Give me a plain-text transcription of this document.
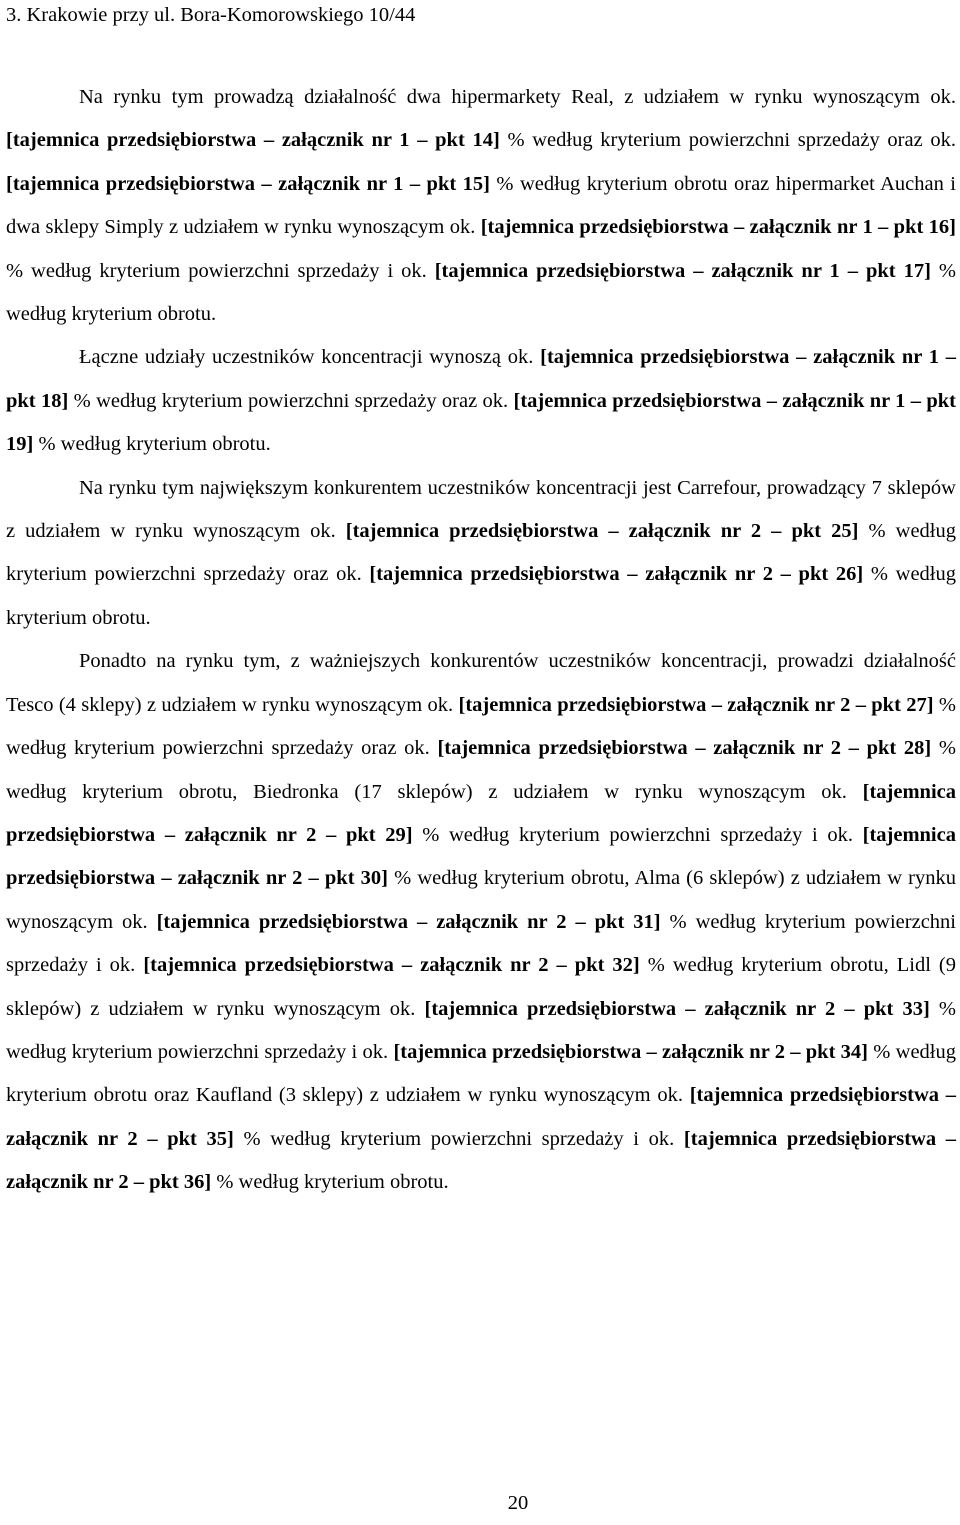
3. Krakowie przy ul. Bora-Komorowskiego 10/44

Na rynku tym prowadzą działalność dwa hipermarkety Real, z udziałem w rynku wynoszącym ok. [tajemnica przedsiębiorstwa – załącznik nr 1 – pkt 14] % według kryterium powierzchni sprzedaży oraz ok. [tajemnica przedsiębiorstwa – załącznik nr 1 – pkt 15] % według kryterium obrotu oraz hipermarket Auchan i dwa sklepy Simply z udziałem w rynku wynoszącym ok. [tajemnica przedsiębiorstwa – załącznik nr 1 – pkt 16] % według kryterium powierzchni sprzedaży i ok. [tajemnica przedsiębiorstwa – załącznik nr 1 – pkt 17] % według kryterium obrotu.

Łączne udziały uczestników koncentracji wynoszą ok. [tajemnica przedsiębiorstwa – załącznik nr 1 – pkt 18] % według kryterium powierzchni sprzedaży oraz ok. [tajemnica przedsiębiorstwa – załącznik nr 1 – pkt 19] % według kryterium obrotu.

Na rynku tym największym konkurentem uczestników koncentracji jest Carrefour, prowadzący 7 sklepów z udziałem w rynku wynoszącym ok. [tajemnica przedsiębiorstwa – załącznik nr 2 – pkt 25] % według kryterium powierzchni sprzedaży oraz ok. [tajemnica przedsiębiorstwa – załącznik nr 2 – pkt 26] % według kryterium obrotu.

Ponadto na rynku tym, z ważniejszych konkurentów uczestników koncentracji, prowadzi działalność Tesco (4 sklepy) z udziałem w rynku wynoszącym ok. [tajemnica przedsiębiorstwa – załącznik nr 2 – pkt 27] % według kryterium powierzchni sprzedaży oraz ok. [tajemnica przedsiębiorstwa – załącznik nr 2 – pkt 28] % według kryterium obrotu, Biedronka (17 sklepów) z udziałem w rynku wynoszącym ok. [tajemnica przedsiębiorstwa – załącznik nr 2 – pkt 29] % według kryterium powierzchni sprzedaży i ok. [tajemnica przedsiębiorstwa – załącznik nr 2 – pkt 30] % według kryterium obrotu, Alma (6 sklepów) z udziałem w rynku wynoszącym ok. [tajemnica przedsiębiorstwa – załącznik nr 2 – pkt 31] % według kryterium powierzchni sprzedaży i ok. [tajemnica przedsiębiorstwa – załącznik nr 2 – pkt 32] % według kryterium obrotu, Lidl (9 sklepów) z udziałem w rynku wynoszącym ok. [tajemnica przedsiębiorstwa – załącznik nr 2 – pkt 33] % według kryterium powierzchni sprzedaży i ok. [tajemnica przedsiębiorstwa – załącznik nr 2 – pkt 34] % według kryterium obrotu oraz Kaufland (3 sklepy) z udziałem w rynku wynoszącym ok. [tajemnica przedsiębiorstwa – załącznik nr 2 – pkt 35] % według kryterium powierzchni sprzedaży i ok. [tajemnica przedsiębiorstwa – załącznik nr 2 – pkt 36] % według kryterium obrotu.

20
